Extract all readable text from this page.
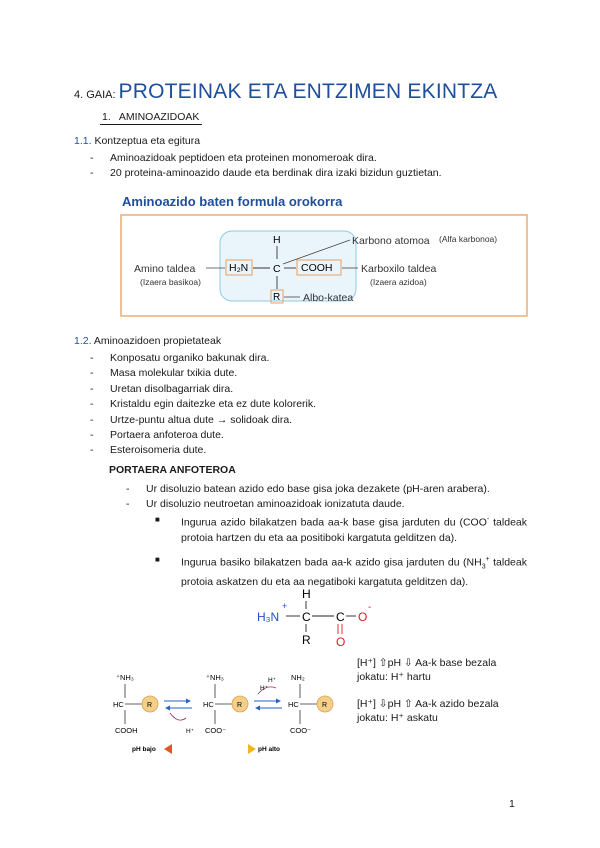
4. GAIA: PROTEINAK ETA ENTZIMEN EKINTZA
1.   AMINOAZIDOAK
1.1. Kontzeptua eta egitura
- Aminoazidoak peptidoen eta proteinen monomeroak dira.
- 20 proteina-aminoazido daude eta berdinak dira izaki bizidun guztietan.
Aminoazido baten formula orokorra
H
H₂N C COOH
R
Karbono atomoa (Alfa karbonoa)
Amino taldea
(Izaera basikoa)
Karboxilo taldea
(Izaera azidoa)
Albo-katea
1.2. Aminoazidoen propietateak
- Konposatu organiko bakunak dira.
- Masa molekular txikia dute.
- Uretan disolbagarriak dira.
- Kristaldu egin daitezke eta ez dute kolorerik.
- Urtze-puntu altua dute → solidoak dira.
- Portaera anfoteroa dute.
- Esteroisomeria dute.
PORTAERA ANFOTEROA
- Ur disoluzio batean azido edo base gisa joka dezakete (pH-aren arabera).
- Ur disoluzio neutroetan aminoazidoak ionizatuta daude.
■ Ingurua azido bilakatzen bada aa-k base gisa jarduten du (COO- taldeak protoia hartzen du eta aa positiboki kargatuta gelditzen da).
■ Ingurua basiko bilakatzen bada aa-k azido gisa jarduten du ($NH_3^+$ taldeak protoia askatzen du eta aa negatiboki kargatuta gelditzen da).
H
H₃N
+
C C O
-
R O
⁺NH₃
HC	R
COOH	H⁺
⁺NH₃
HC	R
COO⁻
H⁺
H⁺
NH₂
HC	R
COO⁻
pH bajo	pH alto
[H⁺] ⇧pH ⇩ Aa-k base bezala
jokatu: H⁺ hartu
[H⁺] ⇩pH ⇧ Aa-k azido bezala
jokatu: H⁺ askatu
1
